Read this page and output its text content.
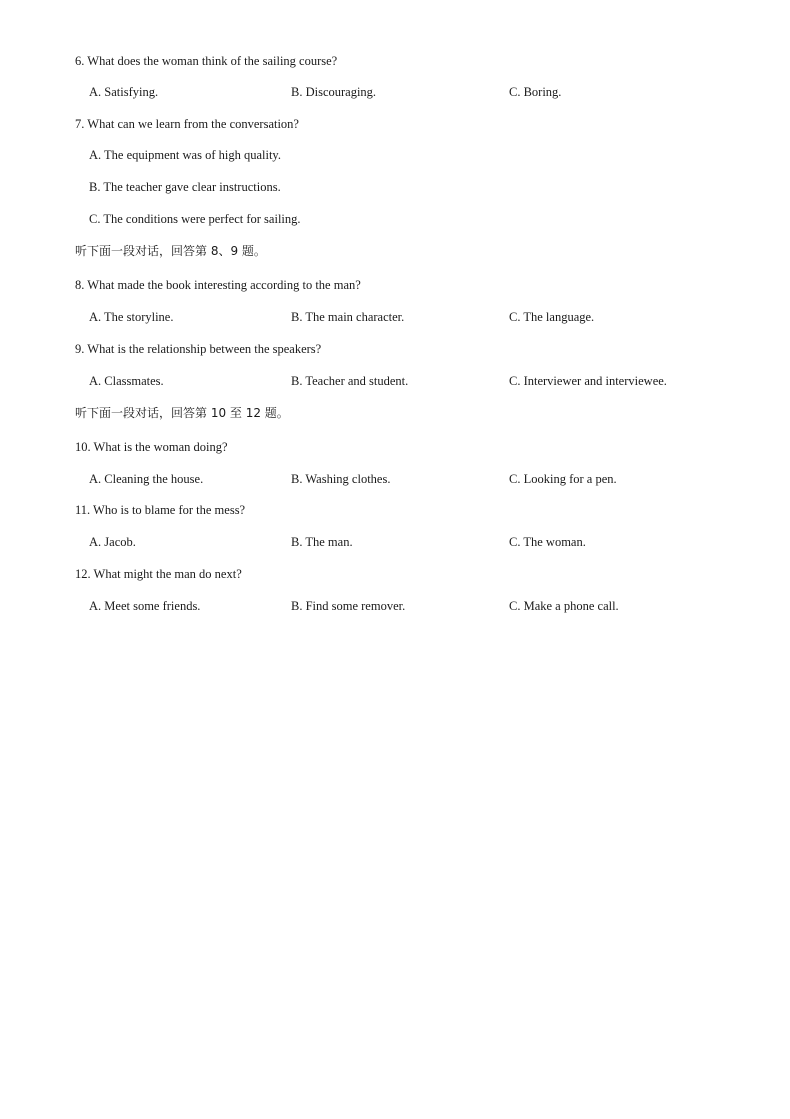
6. What does the woman think of the sailing course?
A. Satisfying.	B. Discouraging.	C. Boring.
7. What can we learn from the conversation?
A. The equipment was of high quality.
B. The teacher gave clear instructions.
C. The conditions were perfect for sailing.
听下面一段对话，回答第 8、9 题。
8. What made the book interesting according to the man?
A. The storyline.	B. The main character.	C. The language.
9. What is the relationship between the speakers?
A. Classmates.	B. Teacher and student.	C. Interviewer and interviewee.
听下面一段对话，回答第 10 至 12 题。
10. What is the woman doing?
A. Cleaning the house.	B. Washing clothes.	C. Looking for a pen.
11. Who is to blame for the mess?
A. Jacob.	B. The man.	C. The woman.
12. What might the man do next?
A. Meet some friends.	B. Find some remover.	C. Make a phone call.
